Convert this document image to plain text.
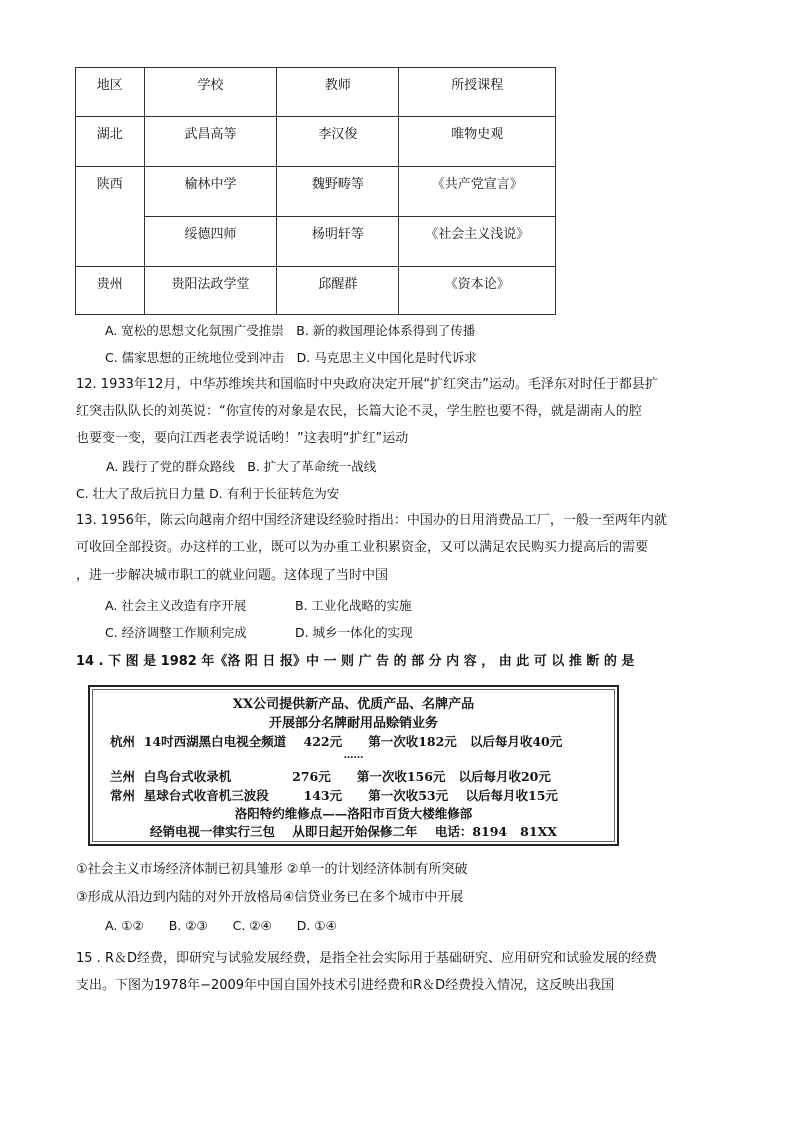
地区	学校	教师	所授课程
湖北	武昌高等	李汉俊	唯物史观
陕西	榆林中学	魏野畴等	《共产党宣言》
	绥德四师	杨明轩等	《社会主义浅说》
贵州	贵阳法政学堂	邱醒群	《资本论》
A. 宽松的思想文化氛围广受推崇　B. 新的救国理论体系得到了传播
C. 儒家思想的正统地位受到冲击　D. 马克思主义中国化是时代诉求
12. 1933年12月，中华苏维埃共和国临时中央政府决定开展“扩红突击”运动。毛泽东对时任于都县扩
红突击队队长的刘英说：“你宣传的对象是农民，长篇大论不灵，学生腔也要不得，就是湖南人的腔
也要变一变，要向江西老表学说话哟！”这表明“扩红”运动
A. 践行了党的群众路线　B. 扩大了革命统一战线
C. 壮大了敌后抗日力量 D. 有利于长征转危为安
13. 1956年，陈云向越南介绍中国经济建设经验时指出：中国办的日用消费品工厂，一般一至两年内就
可收回全部投资。办这样的工业，既可以为办重工业积累资金，又可以满足农民购买力提高后的需要
，进一步解决城市职工的就业问题。这体现了当时中国
A. 社会主义改造有序开展	B. 工业化战略的实施
C. 经济调整工作顺利完成	D. 城乡一体化的实现
14 . 下 图 是 1982 年《洛 阳 日 报》中 一 则 广 告 的 部 分 内 容 ， 由 此 可 以 推 断 的 是
XX公司提供新产品、优质产品、名牌产品
开展部分名牌耐用品赊销业务
杭州  14吋西湖黑白电视全频道    422元      第一次收182元   以后每月收40元
……
兰州  白鸟台式收录机              276元      第一次收156元   以后每月收20元
常州  星球台式收音机三波段        143元      第一次收53元    以后每月收15元
洛阳特约维修点——洛阳市百货大楼维修部
经销电视一律实行三包    从即日起开始保修二年    电话：8194   81XX
①社会主义市场经济体制已初具雏形 ②单一的计划经济体制有所突破
③形成从沿边到内陆的对外开放格局④信贷业务已在多个城市中开展
A. ①②　　B. ②③　　C. ②④　　D. ①④
15 . R＆D经费，即研究与试验发展经费，是指全社会实际用于基础研究、应用研究和试验发展的经费
支出。下图为1978年−2009年中国自国外技术引进经费和R＆D经费投入情况，这反映出我国
